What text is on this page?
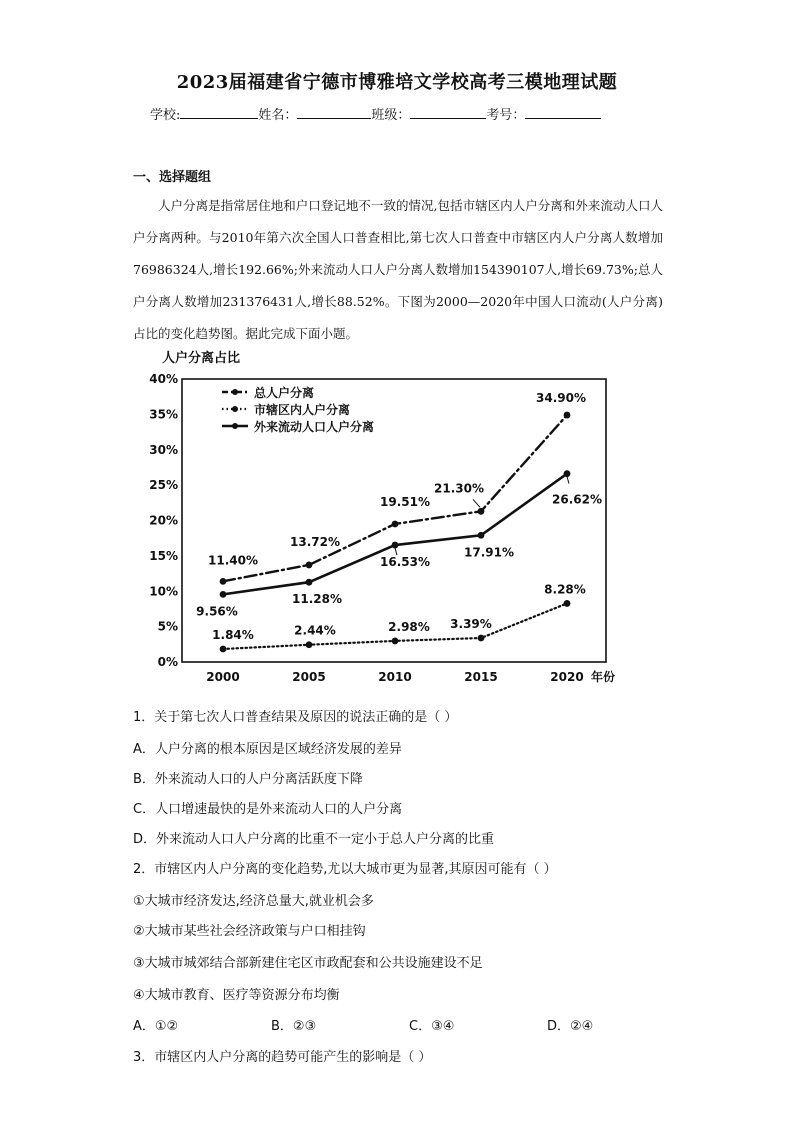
2023届福建省宁德市博雅培文学校高考三模地理试题
学校:	姓名：	班级：	考号：
一、选择题组
人户分离是指常居住地和户口登记地不一致的情况,包括市辖区内人户分离和外来流动人口人户分离两种。与2010年第六次全国人口普查相比,第七次人口普查中市辖区内人户分离人数增加76986324人,增长192.66%;外来流动人口人户分离人数增加154390107人,增长69.73%;总人户分离人数增加231376431人,增长88.52%。下图为2000—2020年中国人口流动(人户分离)占比的变化趋势图。据此完成下面小题。
人户分离占比
0%
5%
10%
15%
20%
25%
30%
35%
40%
2000	2005	2010	2015	2020 年份
11.40%
13.72%
19.51%
21.30%
34.90%
1.84%	2.44%	2.98% 3.39%
8.28%
9.56%
11.28%
16.53%
17.91%
26.62%
总人户分离
市辖区内人户分离
外来流动人口人户分离
1．关于第七次人口普查结果及原因的说法正确的是（ ）
A．人户分离的根本原因是区域经济发展的差异
B．外来流动人口的人户分离活跃度下降
C．人口增速最快的是外来流动人口的人户分离
D．外来流动人口人户分离的比重不一定小于总人户分离的比重
2．市辖区内人户分离的变化趋势,尤以大城市更为显著,其原因可能有（ ）
①大城市经济发达,经济总量大,就业机会多
②大城市某些社会经济政策与户口相挂钩
③大城市城郊结合部新建住宅区市政配套和公共设施建设不足
④大城市教育、医疗等资源分布均衡
A．①②	B．②③	C．③④	D．②④
3．市辖区内人户分离的趋势可能产生的影响是（ ）
